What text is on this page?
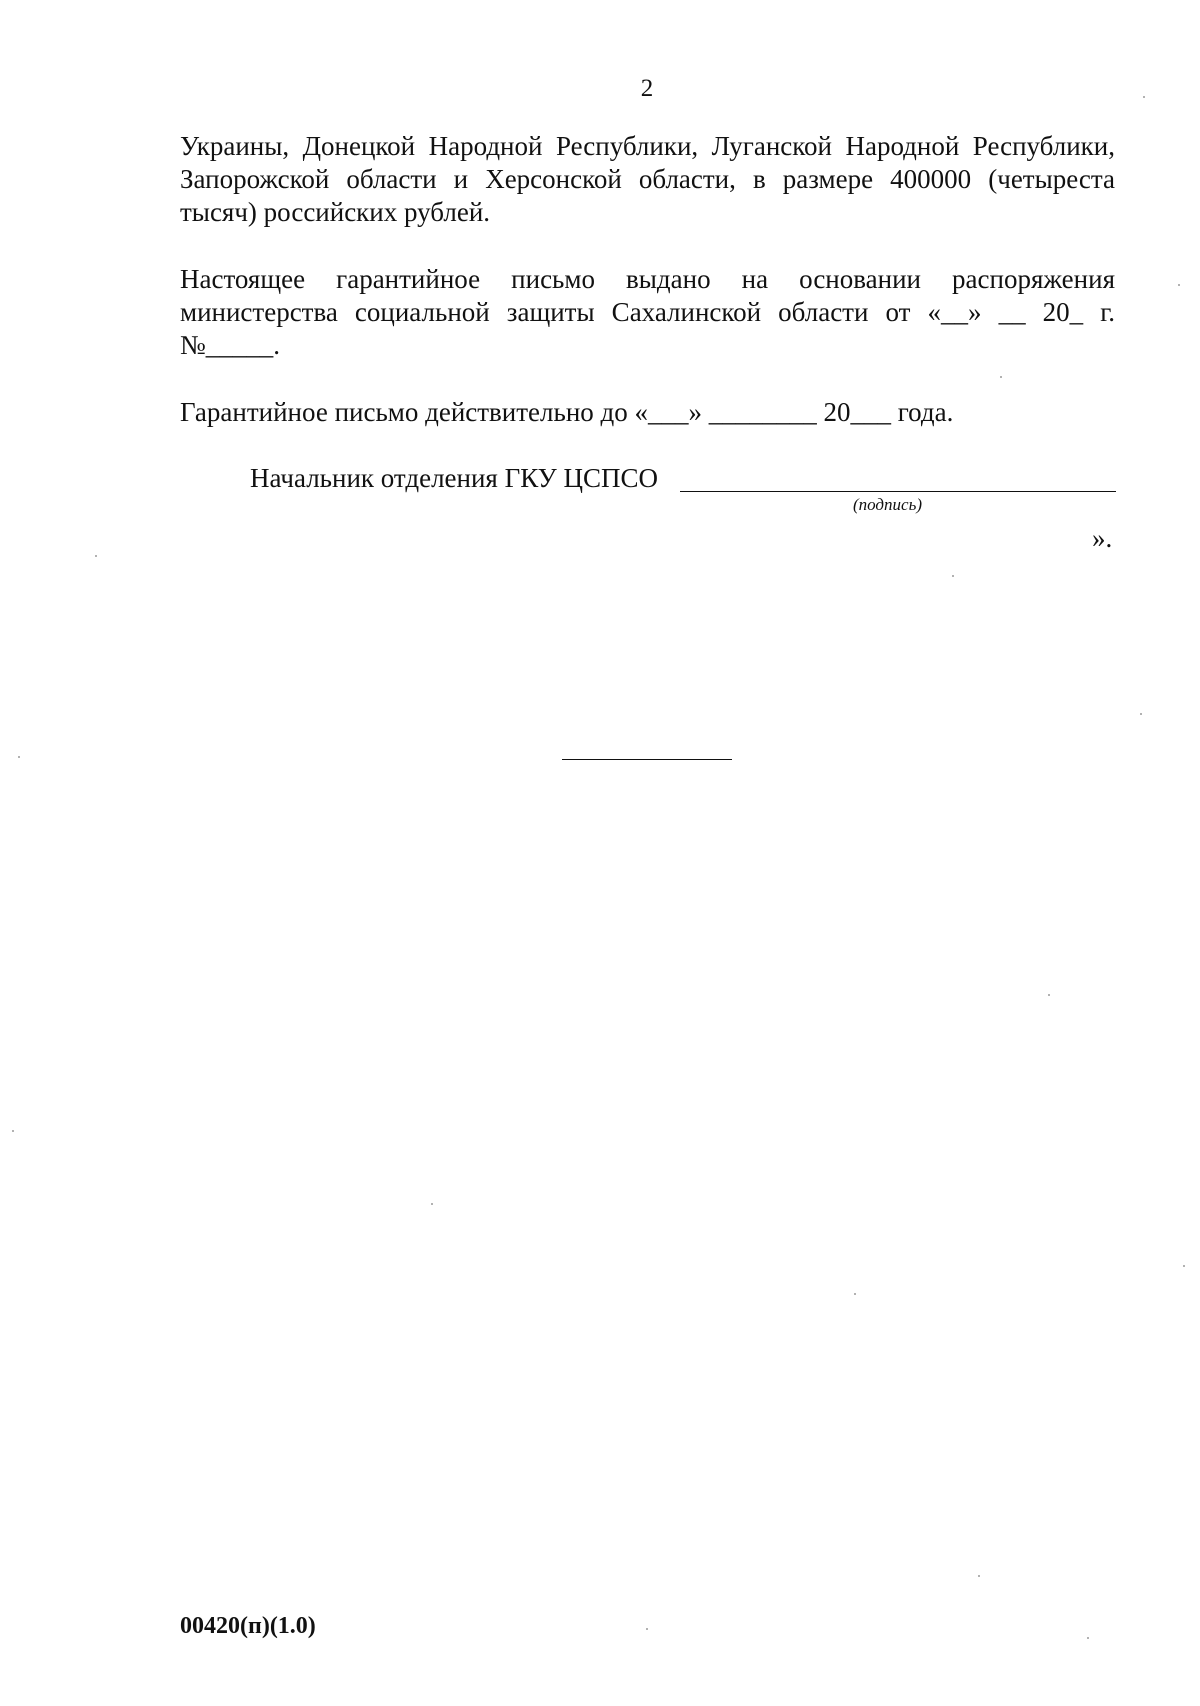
2
Украины, Донецкой Народной Республики, Луганской Народной Республики,
Запорожской области и Херсонской области, в размере 400000 (четыреста
тысяч) российских рублей.
Настоящее гарантийное письмо выдано на основании распоряжения
министерства социальной защиты Сахалинской области от «__» __ 20_ г.
№_____.
Гарантийное письмо действительно до «___» ________ 20___ года.
Начальник отделения ГКУ ЦСПСО
(подпись)
».
00420(п)(1.0)
